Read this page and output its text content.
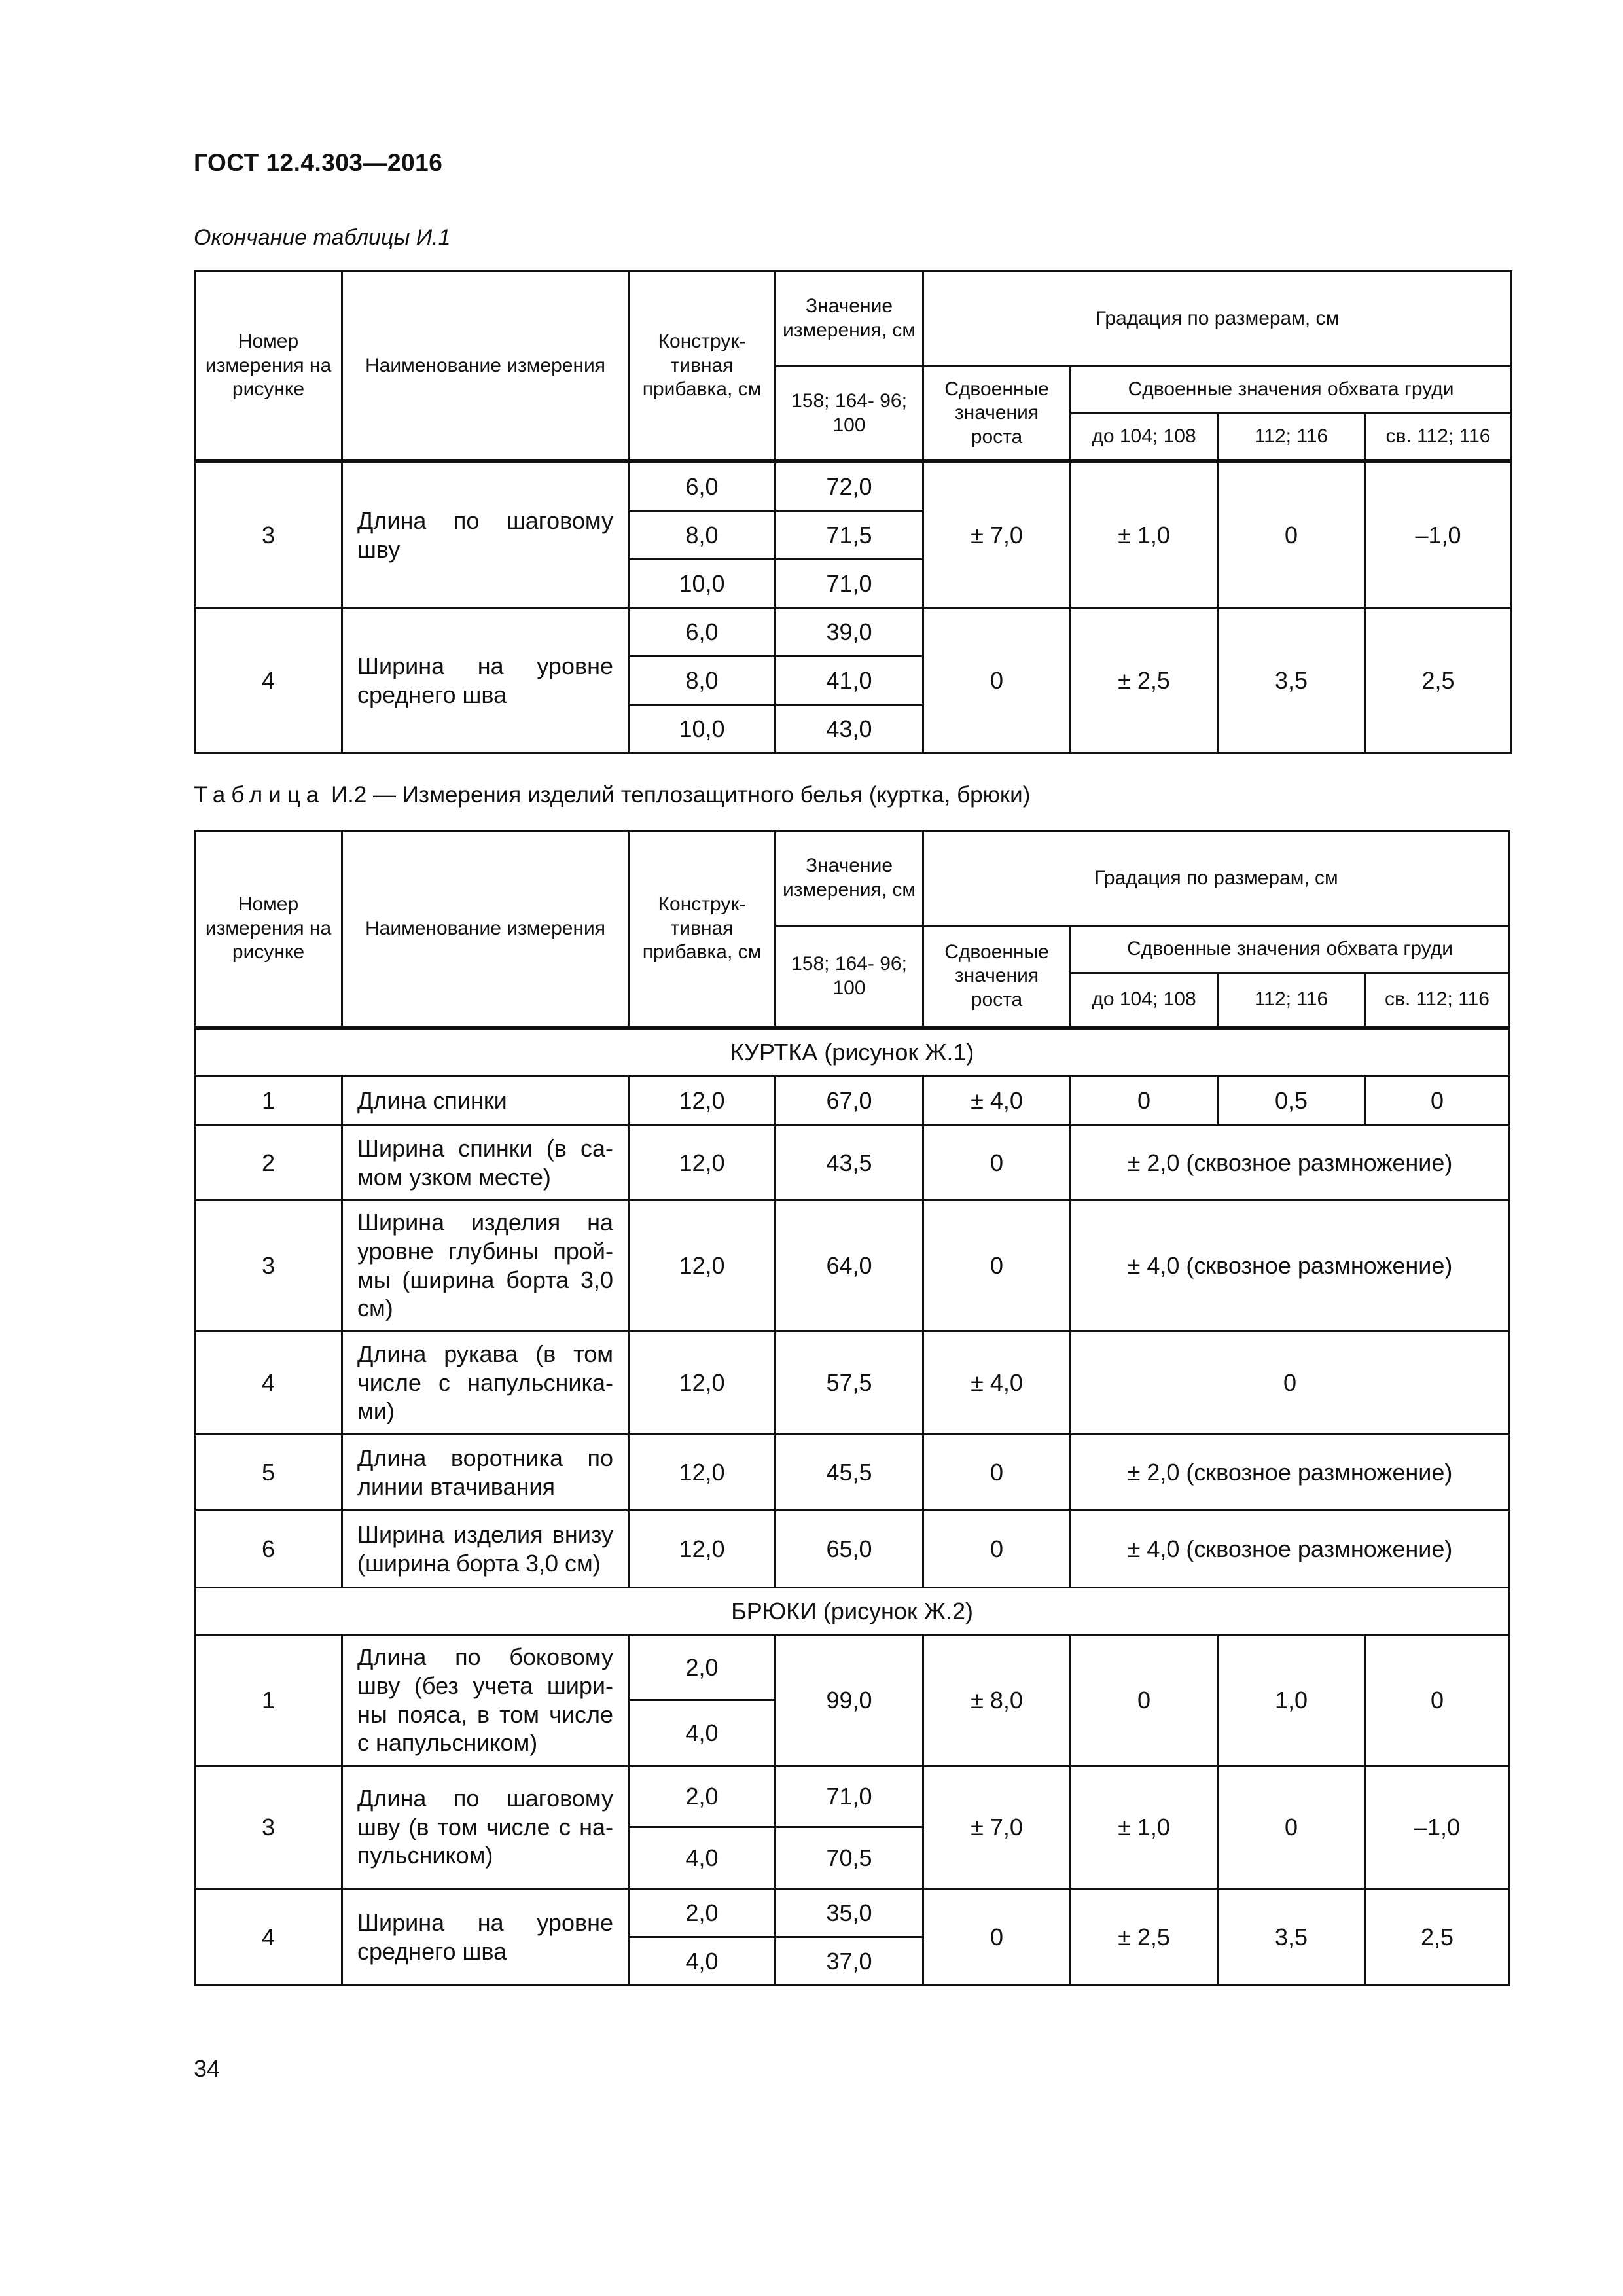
ГОСТ 12.4.303—2016
Окончание таблицы И.1
Номер измерения на рисунке	Наименование измерения	Конструк- тивная прибавка, см	Значение измерения, см	Градация по размерам, см			
			158; 164- 96; 100	Сдвоенные значения роста	Сдвоенные значения обхвата груди		
					до 104; 108	112; 116	св. 112; 116

3	Длина по шаговому шву	6,0	72,0	± 7,0	± 1,0	0	–1,0
		8,0	71,5				
		10,0	71,0				
4	Ширина на уровне среднего шва	6,0	39,0	0	± 2,5	3,5	2,5
		8,0	41,0				
		10,0	43,0				
Таблица И.2 — Измерения изделий теплозащитного белья (куртка, брюки)
Номер измерения на рисунке	Наименование измерения	Конструк- тивная прибавка, см	Значение измерения, см	Градация по размерам, см			
			158; 164- 96; 100	Сдвоенные значения роста	Сдвоенные значения обхвата груди		
					до 104; 108	112; 116	св. 112; 116

КУРТКА (рисунок Ж.1)							
1	Длина спинки	12,0	67,0	± 4,0	0	0,5	0
2	Ширина спинки (в са-мом узком месте)	12,0	43,5	0	± 2,0 (сквозное размножение)		
3	Ширина изделия на уровне глубины прой-мы (ширина борта 3,0 см)	12,0	64,0	0	± 4,0 (сквозное размножение)		
4	Длина рукава (в том числе с напульсника-ми)	12,0	57,5	± 4,0	0		
5	Длина воротника по линии втачивания	12,0	45,5	0	± 2,0 (сквозное размножение)		
6	Ширина изделия внизу (ширина борта 3,0 см)	12,0	65,0	0	± 4,0 (сквозное размножение)		
БРЮКИ (рисунок Ж.2)							
1	Длина по боковому шву (без учета шири-ны пояса, в том числе с напульсником)	2,0	99,0	± 8,0	0	1,0	0
		4,0					
3	Длина по шаговому шву (в том числе с на-пульсником)	2,0	71,0	± 7,0	± 1,0	0	–1,0
		4,0	70,5				
4	Ширина на уровне среднего шва	2,0	35,0	0	± 2,5	3,5	2,5
		4,0	37,0				
34
